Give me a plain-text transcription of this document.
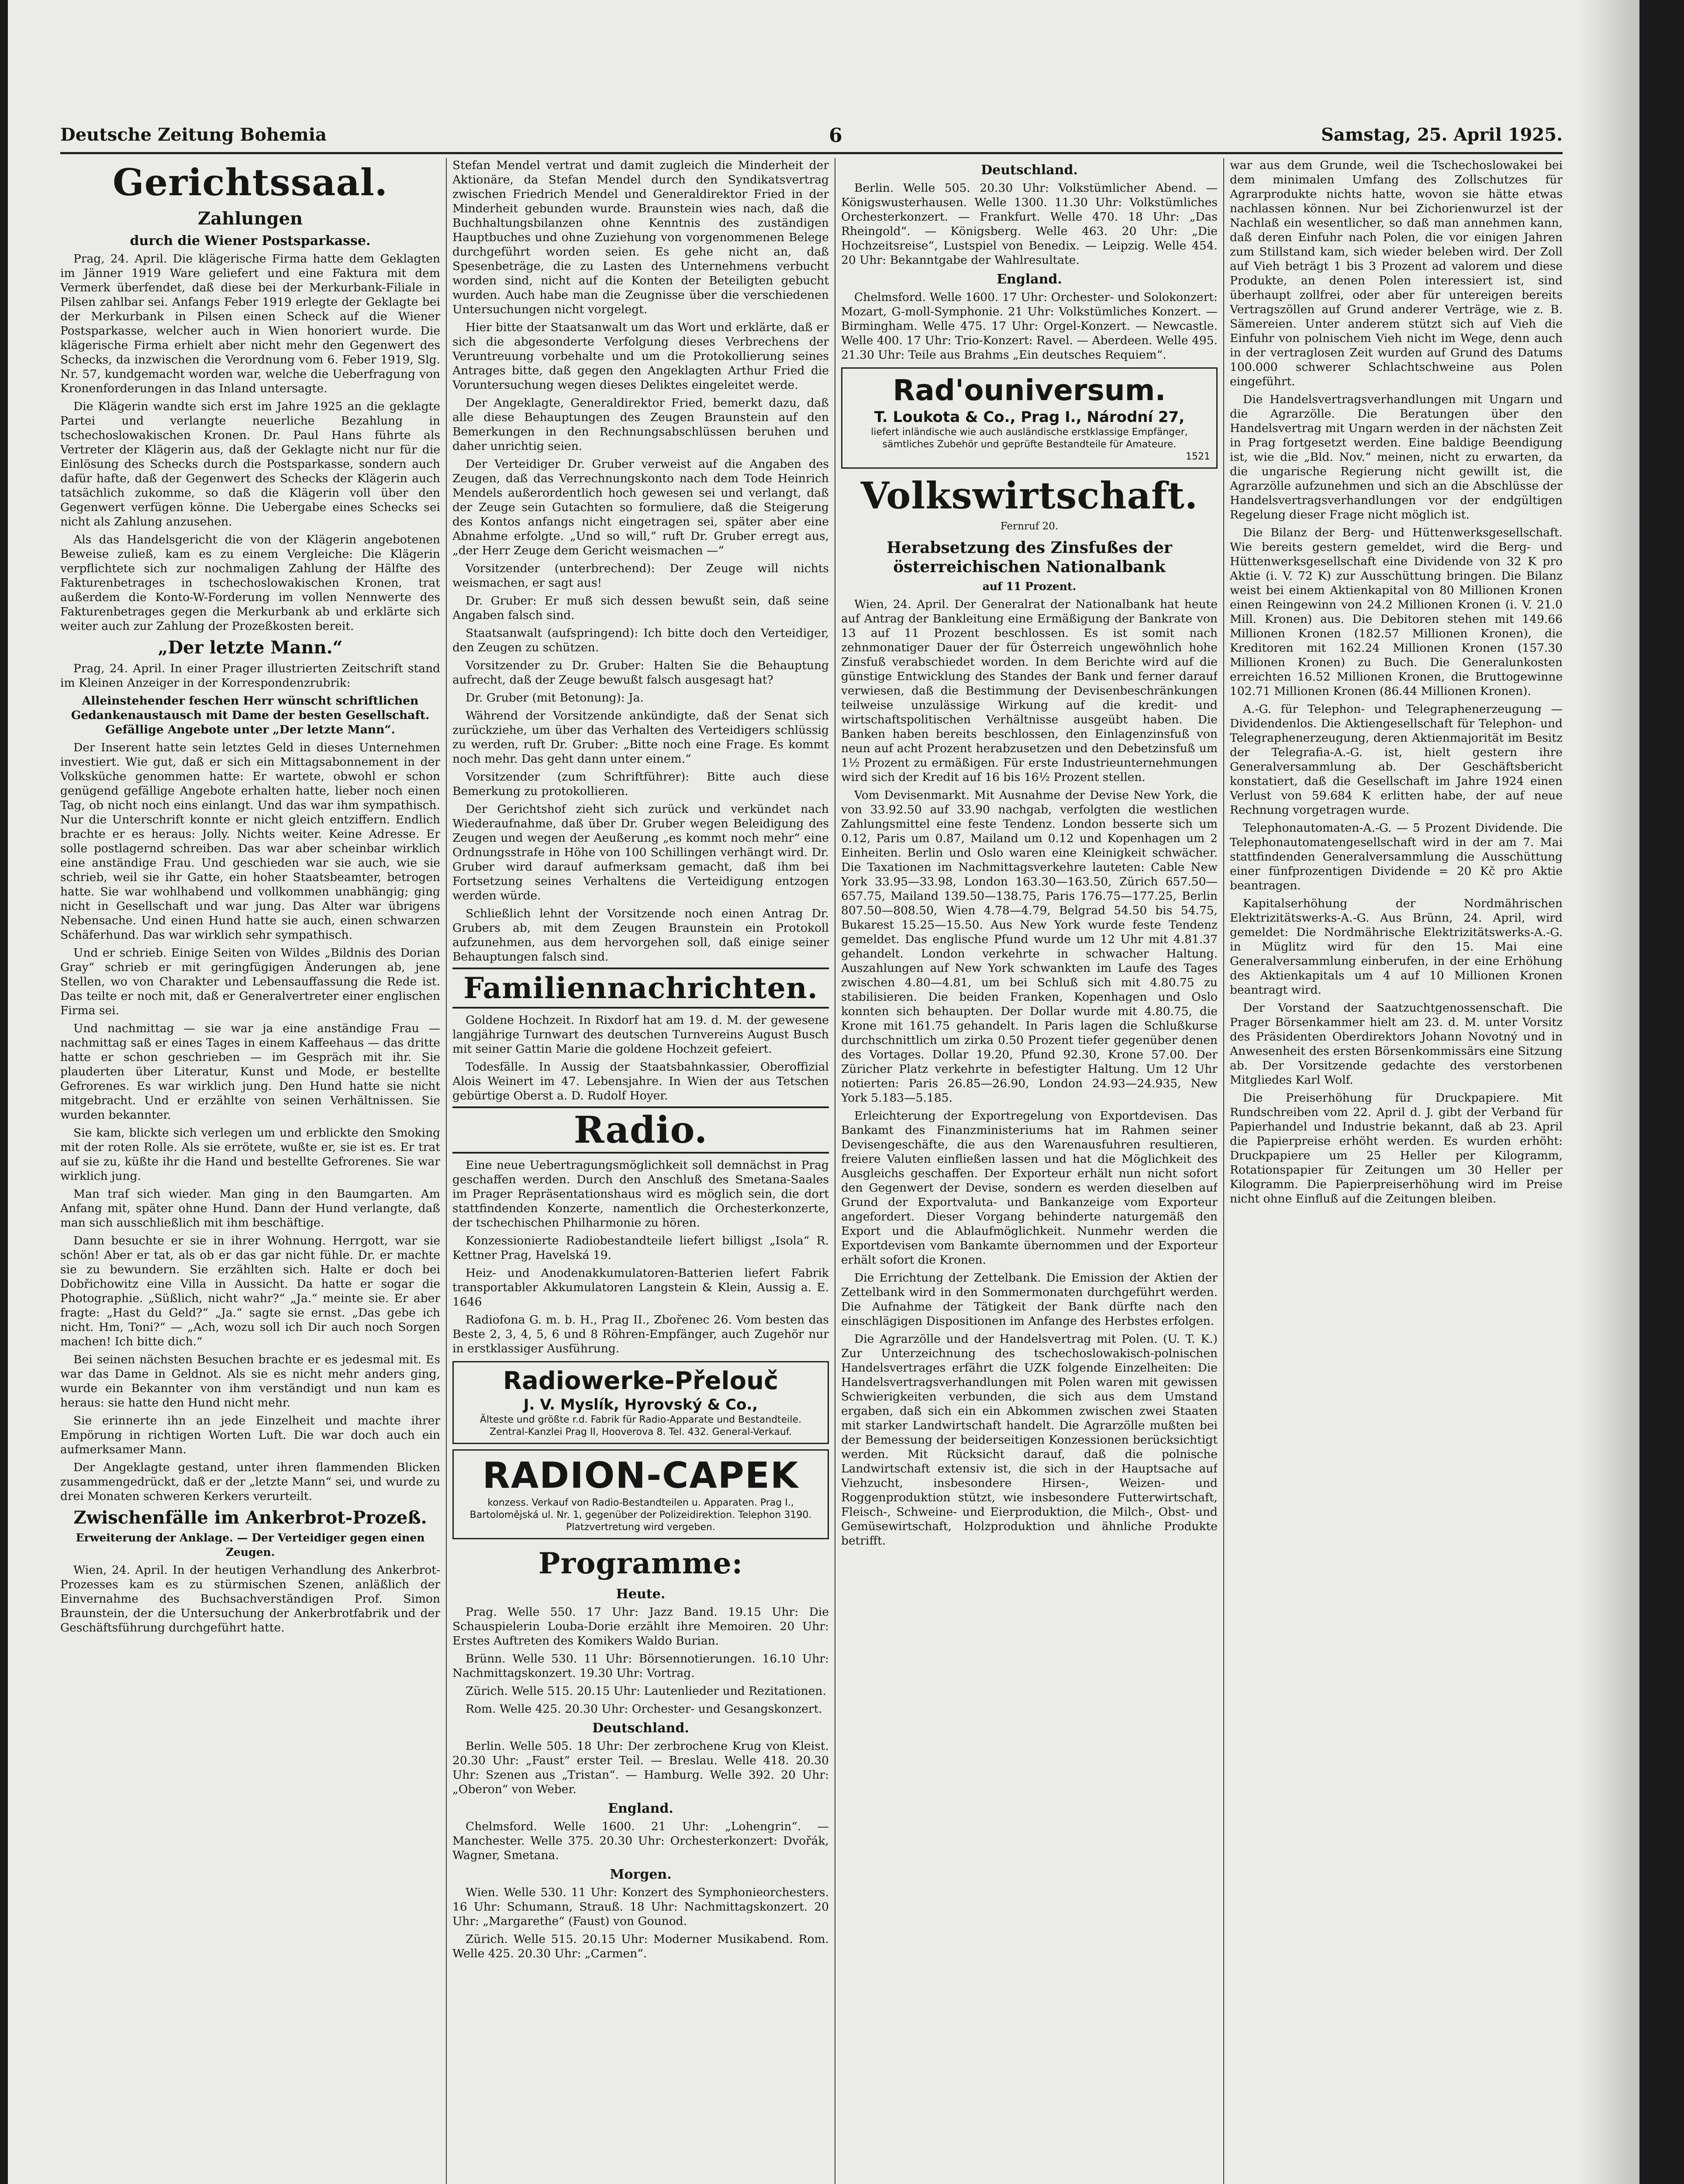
Deutsche Zeitung Bohemia	6	Samstag, 25. April 1925.
Gerichtssaal.
Zahlungen
durch die Wiener Postsparkasse.

Prag, 24. April. Die klägerische Firma hatte dem Geklagten im Jänner 1919 Ware geliefert und eine Faktura mit dem Vermerk überfendet, daß diese bei der Merkurbank-Filiale in Pilsen zahlbar sei. Anfangs Feber 1919 erlegte der Geklagte bei der Merkurbank in Pilsen einen Scheck auf die Wiener Postsparkasse, welcher auch in Wien honoriert wurde. Die klägerische Firma erhielt aber nicht mehr den Gegenwert des Schecks, da inzwischen die Verordnung vom 6. Feber 1919, Slg. Nr. 57, kundgemacht worden war, welche die Ueberfragung von Kronenforderungen in das Inland untersagte.

Die Klägerin wandte sich erst im Jahre 1925 an die geklagte Partei und verlangte neuerliche Bezahlung in tschechoslowakischen Kronen. Dr. Paul Hans führte als Vertreter der Klägerin aus, daß der Geklagte nicht nur für die Einlösung des Schecks durch die Postsparkasse, sondern auch dafür hafte, daß der Gegenwert des Schecks der Klägerin auch tatsächlich zukomme, so daß die Klägerin voll über den Gegenwert verfügen könne. Die Uebergabe eines Schecks sei nicht als Zahlung anzusehen.

Als das Handelsgericht die von der Klägerin angebotenen Beweise zuließ, kam es zu einem Vergleiche: Die Klägerin verpflichtete sich zur nochmaligen Zahlung der Hälfte des Fakturenbetrages in tschechoslowakischen Kronen, trat außerdem die Konto-W-Forderung im vollen Nennwerte des Fakturenbetrages gegen die Merkurbank ab und erklärte sich weiter auch zur Zahlung der Prozeßkosten bereit.

„Der letzte Mann.“

Prag, 24. April. In einer Prager illustrierten Zeitschrift stand im Kleinen Anzeiger in der Korrespondenzrubrik:

Alleinstehender feschen Herr wünscht schriftlichen Gedankenaustausch mit Dame der besten Gesellschaft. Gefällige Angebote unter „Der letzte Mann“.

Der Inserent hatte sein letztes Geld in dieses Unternehmen investiert. Wie gut, daß er sich ein Mittagsabonnement in der Volksküche genommen hatte: Er wartete, obwohl er schon genügend gefällige Angebote erhalten hatte, lieber noch einen Tag, ob nicht noch eins einlangt. Und das war ihm sympathisch. Nur die Unterschrift konnte er nicht gleich entziffern. Endlich brachte er es heraus: Jolly. Nichts weiter. Keine Adresse. Er solle postlagernd schreiben. Das war aber scheinbar wirklich eine anständige Frau. Und geschieden war sie auch, wie sie schrieb, weil sie ihr Gatte, ein hoher Staatsbeamter, betrogen hatte. Sie war wohlhabend und vollkommen unabhängig; ging nicht in Gesellschaft und war jung. Das Alter war übrigens Nebensache. Und einen Hund hatte sie auch, einen schwarzen Schäferhund. Das war wirklich sehr sympathisch.

Und er schrieb. Einige Seiten von Wildes „Bildnis des Dorian Gray“ schrieb er mit geringfügigen Änderungen ab, jene Stellen, wo von Charakter und Lebensauffassung die Rede ist. Das teilte er noch mit, daß er Generalvertreter einer englischen Firma sei.

Und nachmittag — sie war ja eine anständige Frau — nachmittag saß er eines Tages in einem Kaffeehaus — das dritte hatte er schon geschrieben — im Gespräch mit ihr. Sie plauderten über Literatur, Kunst und Mode, er bestellte Gefrorenes. Es war wirklich jung. Den Hund hatte sie nicht mitgebracht. Und er erzählte von seinen Verhältnissen. Sie wurden bekannter.

Sie kam, blickte sich verlegen um und erblickte den Smoking mit der roten Rolle. Als sie errötete, wußte er, sie ist es. Er trat auf sie zu, küßte ihr die Hand und bestellte Gefrorenes. Sie war wirklich jung.

Man traf sich wieder. Man ging in den Baumgarten. Am Anfang mit, später ohne Hund. Dann der Hund verlangte, daß man sich ausschließlich mit ihm beschäftige.

Dann besuchte er sie in ihrer Wohnung. Herrgott, war sie schön! Aber er tat, als ob er das gar nicht fühle. Dr. er machte sie zu bewundern. Sie erzählten sich. Halte er doch bei Dobřichowitz eine Villa in Aussicht. Da hatte er sogar die Photographie. „Süßlich, nicht wahr?“ „Ja.“ meinte sie. Er aber fragte: „Hast du Geld?“ „Ja.“ sagte sie ernst. „Das gebe ich nicht. Hm, Toni?“ — „Ach, wozu soll ich Dir auch noch Sorgen machen! Ich bitte dich.“

Bei seinen nächsten Besuchen brachte er es jedesmal mit. Es war das Dame in Geldnot. Als sie es nicht mehr anders ging, wurde ein Bekannter von ihm verständigt und nun kam es heraus: sie hatte den Hund nicht mehr.

Sie erinnerte ihn an jede Einzelheit und machte ihrer Empörung in richtigen Worten Luft. Die war doch auch ein aufmerksamer Mann.

Der Angeklagte gestand, unter ihren flammenden Blicken zusammengedrückt, daß er der „letzte Mann“ sei, und wurde zu drei Monaten schweren Kerkers verurteilt.

Zwischenfälle im Ankerbrot-Prozeß.
Erweiterung der Anklage. — Der Verteidiger gegen einen Zeugen.

Wien, 24. April. In der heutigen Verhandlung des Ankerbrot-Prozesses kam es zu stürmischen Szenen, anläßlich der Einvernahme des Buchsachverständigen Prof. Simon Braunstein, der die Untersuchung der Ankerbrotfabrik und der Geschäftsführung durchgeführt hatte.

Stefan Mendel vertrat und damit zugleich die Minderheit der Aktionäre, da Stefan Mendel durch den Syndikatsvertrag zwischen Friedrich Mendel und Generaldirektor Fried in der Minderheit gebunden wurde. Braunstein wies nach, daß die Buchhaltungsbilanzen ohne Kenntnis des zuständigen Hauptbuches und ohne Zuziehung von vorgenommenen Belege durchgeführt worden seien. Es gehe nicht an, daß Spesenbeträge, die zu Lasten des Unternehmens verbucht worden sind, nicht auf die Konten der Beteiligten gebucht wurden. Auch habe man die Zeugnisse über die verschiedenen Untersuchungen nicht vorgelegt.

Hier bitte der Staatsanwalt um das Wort und erklärte, daß er sich die abgesonderte Verfolgung dieses Verbrechens der Veruntreuung vorbehalte und um die Protokollierung seines Antrages bitte, daß gegen den Angeklagten Arthur Fried die Voruntersuchung wegen dieses Deliktes eingeleitet werde.

Der Angeklagte, Generaldirektor Fried, bemerkt dazu, daß alle diese Behauptungen des Zeugen Braunstein auf den Bemerkungen in den Rechnungsabschlüssen beruhen und daher unrichtig seien.

Der Verteidiger Dr. Gruber verweist auf die Angaben des Zeugen, daß das Verrechnungskonto nach dem Tode Heinrich Mendels außerordentlich hoch gewesen sei und verlangt, daß der Zeuge sein Gutachten so formuliere, daß die Steigerung des Kontos anfangs nicht eingetragen sei, später aber eine Abnahme erfolgte. „Und so will,“ ruft Dr. Gruber erregt aus, „der Herr Zeuge dem Gericht weismachen —“

Vorsitzender (unterbrechend): Der Zeuge will nichts weismachen, er sagt aus!

Dr. Gruber: Er muß sich dessen bewußt sein, daß seine Angaben falsch sind.

Staatsanwalt (aufspringend): Ich bitte doch den Verteidiger, den Zeugen zu schützen.

Vorsitzender zu Dr. Gruber: Halten Sie die Behauptung aufrecht, daß der Zeuge bewußt falsch ausgesagt hat?

Dr. Gruber (mit Betonung): Ja.

Während der Vorsitzende ankündigte, daß der Senat sich zurückziehe, um über das Verhalten des Verteidigers schlüssig zu werden, ruft Dr. Gruber: „Bitte noch eine Frage. Es kommt noch mehr. Das geht dann unter einem.“

Vorsitzender (zum Schriftführer): Bitte auch diese Bemerkung zu protokollieren.

Der Gerichtshof zieht sich zurück und verkündet nach Wiederaufnahme, daß über Dr. Gruber wegen Beleidigung des Zeugen und wegen der Aeußerung „es kommt noch mehr“ eine Ordnungsstrafe in Höhe von 100 Schillingen verhängt wird. Dr. Gruber wird darauf aufmerksam gemacht, daß ihm bei Fortsetzung seines Verhaltens die Verteidigung entzogen werden würde.

Schließlich lehnt der Vorsitzende noch einen Antrag Dr. Grubers ab, mit dem Zeugen Braunstein ein Protokoll aufzunehmen, aus dem hervorgehen soll, daß einige seiner Behauptungen falsch sind.

Familiennachrichten.

Goldene Hochzeit. In Rixdorf hat am 19. d. M. der gewesene langjährige Turnwart des deutschen Turnvereins August Busch mit seiner Gattin Marie die goldene Hochzeit gefeiert.

Todesfälle. In Aussig der Staatsbahnkassier, Oberoffizial Alois Weinert im 47. Lebensjahre. In Wien der aus Tetschen gebürtige Oberst a. D. Rudolf Hoyer.

Radio.

Eine neue Uebertragungsmöglichkeit soll demnächst in Prag geschaffen werden. Durch den Anschluß des Smetana-Saales im Prager Repräsentationshaus wird es möglich sein, die dort stattfindenden Konzerte, namentlich die Orchesterkonzerte, der tschechischen Philharmonie zu hören.

Konzessionierte Radiobestandteile liefert billigst „Isola“ R. Kettner Prag, Havelská 19.

Heiz- und Anodenakkumulatoren-Batterien liefert Fabrik transportabler Akkumulatoren Langstein & Klein, Aussig a. E. 1646

Radiofona G. m. b. H., Prag II., Zbořenec 26. Vom besten das Beste 2, 3, 4, 5, 6 und 8 Röhren-Empfänger, auch Zugehör nur in erstklassiger Ausführung.

Radiowerke-Přelouč
J. V. Myslík, Hyrovský & Co.,
Älteste und größte r.d. Fabrik für Radio-Apparate und Bestandteile. Zentral-Kanzlei Prag II, Hooverova 8. Tel. 432. General-Verkauf.
RADION-CAPEK
konzess. Verkauf von Radio-Bestandteilen u. Apparaten. Prag I., Bartolomějská ul. Nr. 1, gegenüber der Polizeidirektion. Telephon 3190. Platzvertretung wird vergeben.
Programme:
Heute.

Prag. Welle 550. 17 Uhr: Jazz Band. 19.15 Uhr: Die Schauspielerin Louba-Dorie erzählt ihre Memoiren. 20 Uhr: Erstes Auftreten des Komikers Waldo Burian.

Brünn. Welle 530. 11 Uhr: Börsennotierungen. 16.10 Uhr: Nachmittagskonzert. 19.30 Uhr: Vortrag.

Zürich. Welle 515. 20.15 Uhr: Lautenlieder und Rezitationen.

Rom. Welle 425. 20.30 Uhr: Orchester- und Gesangskonzert.

Deutschland.

Berlin. Welle 505. 18 Uhr: Der zerbrochene Krug von Kleist. 20.30 Uhr: „Faust“ erster Teil. — Breslau. Welle 418. 20.30 Uhr: Szenen aus „Tristan“. — Hamburg. Welle 392. 20 Uhr: „Oberon“ von Weber.

England.

Chelmsford. Welle 1600. 21 Uhr: „Lohengrin“. — Manchester. Welle 375. 20.30 Uhr: Orchesterkonzert: Dvořák, Wagner, Smetana.

Morgen.

Wien. Welle 530. 11 Uhr: Konzert des Symphonieorchesters. 16 Uhr: Schumann, Strauß. 18 Uhr: Nachmittagskonzert. 20 Uhr: „Margarethe“ (Faust) von Gounod.

Zürich. Welle 515. 20.15 Uhr: Moderner Musikabend. Rom. Welle 425. 20.30 Uhr: „Carmen“.

Deutschland.

Berlin. Welle 505. 20.30 Uhr: Volkstümlicher Abend. — Königswusterhausen. Welle 1300. 11.30 Uhr: Volkstümliches Orchesterkonzert. — Frankfurt. Welle 470. 18 Uhr: „Das Rheingold“. — Königsberg. Welle 463. 20 Uhr: „Die Hochzeitsreise“, Lustspiel von Benedix. — Leipzig. Welle 454. 20 Uhr: Bekanntgabe der Wahlresultate.

England.

Chelmsford. Welle 1600. 17 Uhr: Orchester- und Solokonzert: Mozart, G-moll-Symphonie. 21 Uhr: Volkstümliches Konzert. — Birmingham. Welle 475. 17 Uhr: Orgel-Konzert. — Newcastle. Welle 400. 17 Uhr: Trio-Konzert: Ravel. — Aberdeen. Welle 495. 21.30 Uhr: Teile aus Brahms „Ein deutsches Requiem“.

Rad'ouniversum.
T. Loukota & Co., Prag I., Národní 27,
liefert inländische wie auch ausländische erstklassige Empfänger, sämtliches Zubehör und geprüfte Bestandteile für Amateure.
1521
Volkswirtschaft.
Fernruf 20.
Herabsetzung des Zinsfußes der österreichischen Nationalbank
auf 11 Prozent.

Wien, 24. April. Der Generalrat der Nationalbank hat heute auf Antrag der Bankleitung eine Ermäßigung der Bankrate von 13 auf 11 Prozent beschlossen. Es ist somit nach zehnmonatiger Dauer der für Österreich ungewöhnlich hohe Zinsfuß verabschiedet worden. In dem Berichte wird auf die günstige Entwicklung des Standes der Bank und ferner darauf verwiesen, daß die Bestimmung der Devisenbeschränkungen teilweise unzulässige Wirkung auf die kredit- und wirtschaftspolitischen Verhältnisse ausgeübt haben. Die Banken haben bereits beschlossen, den Einlagenzinsfuß von neun auf acht Prozent herabzusetzen und den Debetzinsfuß um 1½ Prozent zu ermäßigen. Für erste Industrieunternehmungen wird sich der Kredit auf 16 bis 16½ Prozent stellen.

Vom Devisenmarkt. Mit Ausnahme der Devise New York, die von 33.92.50 auf 33.90 nachgab, verfolgten die westlichen Zahlungsmittel eine feste Tendenz. London besserte sich um 0.12, Paris um 0.87, Mailand um 0.12 und Kopenhagen um 2 Einheiten. Berlin und Oslo waren eine Kleinigkeit schwächer. Die Taxationen im Nachmittagsverkehre lauteten: Cable New York 33.95—33.98, London 163.30—163.50, Zürich 657.50—657.75, Mailand 139.50—138.75, Paris 176.75—177.25, Berlin 807.50—808.50, Wien 4.78—4.79, Belgrad 54.50 bis 54.75, Bukarest 15.25—15.50. Aus New York wurde feste Tendenz gemeldet. Das englische Pfund wurde um 12 Uhr mit 4.81.37 gehandelt. London verkehrte in schwacher Haltung. Auszahlungen auf New York schwankten im Laufe des Tages zwischen 4.80—4.81, um bei Schluß sich mit 4.80.75 zu stabilisieren. Die beiden Franken, Kopenhagen und Oslo konnten sich behaupten. Der Dollar wurde mit 4.80.75, die Krone mit 161.75 gehandelt. In Paris lagen die Schlußkurse durchschnittlich um zirka 0.50 Prozent tiefer gegenüber denen des Vortages. Dollar 19.20, Pfund 92.30, Krone 57.00. Der Züricher Platz verkehrte in befestigter Haltung. Um 12 Uhr notierten: Paris 26.85—26.90, London 24.93—24.935, New York 5.183—5.185.

Erleichterung der Exportregelung von Exportdevisen. Das Bankamt des Finanzministeriums hat im Rahmen seiner Devisengeschäfte, die aus den Warenausfuhren resultieren, freiere Valuten einfließen lassen und hat die Möglichkeit des Ausgleichs geschaffen. Der Exporteur erhält nun nicht sofort den Gegenwert der Devise, sondern es werden dieselben auf Grund der Exportvaluta- und Bankanzeige vom Exporteur angefordert. Dieser Vorgang behinderte naturgemäß den Export und die Ablaufmöglichkeit. Nunmehr werden die Exportdevisen vom Bankamte übernommen und der Exporteur erhält sofort die Kronen.

Die Errichtung der Zettelbank. Die Emission der Aktien der Zettelbank wird in den Sommermonaten durchgeführt werden. Die Aufnahme der Tätigkeit der Bank dürfte nach den einschlägigen Dispositionen im Anfange des Herbstes erfolgen.

Die Agrarzölle und der Handelsvertrag mit Polen. (U. T. K.) Zur Unterzeichnung des tschechoslowakisch-polnischen Handelsvertrages erfährt die UZK folgende Einzelheiten: Die Handelsvertragsverhandlungen mit Polen waren mit gewissen Schwierigkeiten verbunden, die sich aus dem Umstand ergaben, daß sich ein ein Abkommen zwischen zwei Staaten mit starker Landwirtschaft handelt. Die Agrarzölle mußten bei der Bemessung der beiderseitigen Konzessionen berücksichtigt werden. Mit Rücksicht darauf, daß die polnische Landwirtschaft extensiv ist, die sich in der Hauptsache auf Viehzucht, insbesondere Hirsen-, Weizen- und Roggenproduktion stützt, wie insbesondere Futterwirtschaft, Fleisch-, Schweine- und Eierproduktion, die Milch-, Obst- und Gemüsewirtschaft, Holzproduktion und ähnliche Produkte betrifft.

war aus dem Grunde, weil die Tschechoslowakei bei dem minimalen Umfang des Zollschutzes für Agrarprodukte nichts hatte, wovon sie hätte etwas nachlassen können. Nur bei Zichorienwurzel ist der Nachlaß ein wesentlicher, so daß man annehmen kann, daß deren Einfuhr nach Polen, die vor einigen Jahren zum Stillstand kam, sich wieder beleben wird. Der Zoll auf Vieh beträgt 1 bis 3 Prozent ad valorem und diese Produkte, an denen Polen interessiert ist, sind überhaupt zollfrei, oder aber für untereigen bereits Vertragszöllen auf Grund anderer Verträge, wie z. B. Sämereien. Unter anderem stützt sich auf Vieh die Einfuhr von polnischem Vieh nicht im Wege, denn auch in der vertraglosen Zeit wurden auf Grund des Datums 100.000 schwerer Schlachtschweine aus Polen eingeführt.

Die Handelsvertragsverhandlungen mit Ungarn und die Agrarzölle. Die Beratungen über den Handelsvertrag mit Ungarn werden in der nächsten Zeit in Prag fortgesetzt werden. Eine baldige Beendigung ist, wie die „Bld. Nov.“ meinen, nicht zu erwarten, da die ungarische Regierung nicht gewillt ist, die Agrarzölle aufzunehmen und sich an die Abschlüsse der Handelsvertragsverhandlungen vor der endgültigen Regelung dieser Frage nicht möglich ist.

Die Bilanz der Berg- und Hüttenwerksgesellschaft. Wie bereits gestern gemeldet, wird die Berg- und Hüttenwerksgesellschaft eine Dividende von 32 K pro Aktie (i. V. 72 K) zur Ausschüttung bringen. Die Bilanz weist bei einem Aktienkapital von 80 Millionen Kronen einen Reingewinn von 24.2 Millionen Kronen (i. V. 21.0 Mill. Kronen) aus. Die Debitoren stehen mit 149.66 Millionen Kronen (182.57 Millionen Kronen), die Kreditoren mit 162.24 Millionen Kronen (157.30 Millionen Kronen) zu Buch. Die Generalunkosten erreichten 16.52 Millionen Kronen, die Bruttogewinne 102.71 Millionen Kronen (86.44 Millionen Kronen).

A.-G. für Telephon- und Telegraphenerzeugung — Dividendenlos. Die Aktiengesellschaft für Telephon- und Telegraphenerzeugung, deren Aktienmajorität im Besitz der Telegrafia-A.-G. ist, hielt gestern ihre Generalversammlung ab. Der Geschäftsbericht konstatiert, daß die Gesellschaft im Jahre 1924 einen Verlust von 59.684 K erlitten habe, der auf neue Rechnung vorgetragen wurde.

Telephonautomaten-A.-G. — 5 Prozent Dividende. Die Telephonautomatengesellschaft wird in der am 7. Mai stattfindenden Generalversammlung die Ausschüttung einer fünfprozentigen Dividende = 20 Kč pro Aktie beantragen.

Kapitalserhöhung der Nordmährischen Elektrizitätswerks-A.-G. Aus Brünn, 24. April, wird gemeldet: Die Nordmährische Elektrizitätswerks-A.-G. in Müglitz wird für den 15. Mai eine Generalversammlung einberufen, in der eine Erhöhung des Aktienkapitals um 4 auf 10 Millionen Kronen beantragt wird.

Der Vorstand der Saatzuchtgenossenschaft. Die Prager Börsenkammer hielt am 23. d. M. unter Vorsitz des Präsidenten Oberdirektors Johann Novotný und in Anwesenheit des ersten Börsenkommissärs eine Sitzung ab. Der Vorsitzende gedachte des verstorbenen Mitgliedes Karl Wolf.

Die Preiserhöhung für Druckpapiere. Mit Rundschreiben vom 22. April d. J. gibt der Verband für Papierhandel und Industrie bekannt, daß ab 23. April die Papierpreise erhöht werden. Es wurden erhöht: Druckpapiere um 25 Heller per Kilogramm, Rotationspapier für Zeitungen um 30 Heller per Kilogramm. Die Papierpreiserhöhung wird im Preise nicht ohne Einfluß auf die Zeitungen bleiben.
